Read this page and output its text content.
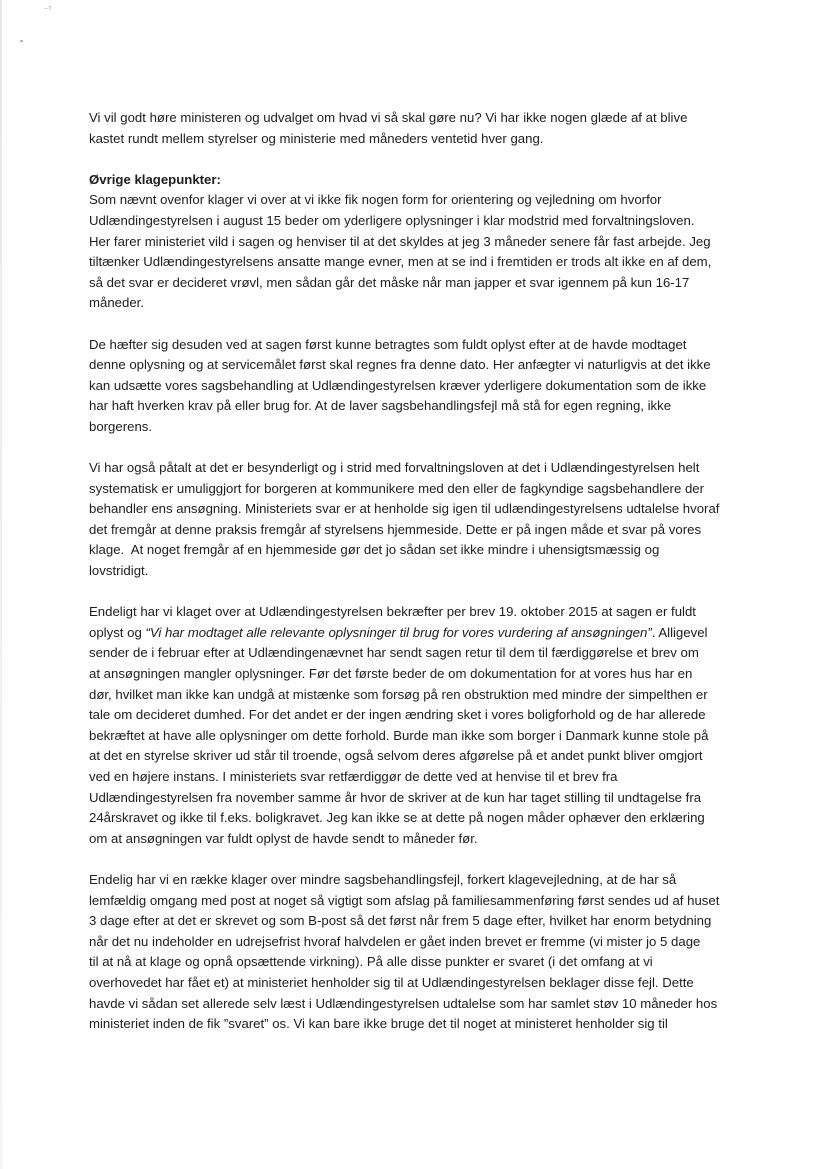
⁻ˀ
Vi vil godt høre ministeren og udvalget om hvad vi så skal gøre nu? Vi har ikke nogen glæde af at blive
kastet rundt mellem styrelser og ministerie med måneders ventetid hver gang.
Øvrige klagepunkter:
Som nævnt ovenfor klager vi over at vi ikke fik nogen form for orientering og vejledning om hvorfor
Udlændingestyrelsen i august 15 beder om yderligere oplysninger i klar modstrid med forvaltningsloven.
Her farer ministeriet vild i sagen og henviser til at det skyldes at jeg 3 måneder senere får fast arbejde. Jeg
tiltænker Udlændingestyrelsens ansatte mange evner, men at se ind i fremtiden er trods alt ikke en af dem,
så det svar er decideret vrøvl, men sådan går det måske når man japper et svar igennem på kun 16-17
måneder.
De hæfter sig desuden ved at sagen først kunne betragtes som fuldt oplyst efter at de havde modtaget
denne oplysning og at servicemålet først skal regnes fra denne dato. Her anfægter vi naturligvis at det ikke
kan udsætte vores sagsbehandling at Udlændingestyrelsen kræver yderligere dokumentation som de ikke
har haft hverken krav på eller brug for. At de laver sagsbehandlingsfejl må stå for egen regning, ikke
borgerens.
Vi har også påtalt at det er besynderligt og i strid med forvaltningsloven at det i Udlændingestyrelsen helt
systematisk er umuliggjort for borgeren at kommunikere med den eller de fagkyndige sagsbehandlere der
behandler ens ansøgning. Ministeriets svar er at henholde sig igen til udlændingestyrelsens udtalelse hvoraf
det fremgår at denne praksis fremgår af styrelsens hjemmeside. Dette er på ingen måde et svar på vores
klage.  At noget fremgår af en hjemmeside gør det jo sådan set ikke mindre i uhensigtsmæssig og
lovstridigt.
Endeligt har vi klaget over at Udlændingestyrelsen bekræfter per brev 19. oktober 2015 at sagen er fuldt
oplyst og “Vi har modtaget alle relevante oplysninger til brug for vores vurdering af ansøgningen”. Alligevel
sender de i februar efter at Udlændingenævnet har sendt sagen retur til dem til færdiggørelse et brev om
at ansøgningen mangler oplysninger. Før det første beder de om dokumentation for at vores hus har en
dør, hvilket man ikke kan undgå at mistænke som forsøg på ren obstruktion med mindre der simpelthen er
tale om decideret dumhed. For det andet er der ingen ændring sket i vores boligforhold og de har allerede
bekræftet at have alle oplysninger om dette forhold. Burde man ikke som borger i Danmark kunne stole på
at det en styrelse skriver ud står til troende, også selvom deres afgørelse på et andet punkt bliver omgjort
ved en højere instans. I ministeriets svar retfærdiggør de dette ved at henvise til et brev fra
Udlændingestyrelsen fra november samme år hvor de skriver at de kun har taget stilling til undtagelse fra
24årskravet og ikke til f.eks. boligkravet. Jeg kan ikke se at dette på nogen måder ophæver den erklæring
om at ansøgningen var fuldt oplyst de havde sendt to måneder før.
Endelig har vi en række klager over mindre sagsbehandlingsfejl, forkert klagevejledning, at de har så
lemfældig omgang med post at noget så vigtigt som afslag på familiesammenføring først sendes ud af huset
3 dage efter at det er skrevet og som B-post så det først når frem 5 dage efter, hvilket har enorm betydning
når det nu indeholder en udrejsefrist hvoraf halvdelen er gået inden brevet er fremme (vi mister jo 5 dage
til at nå at klage og opnå opsættende virkning). På alle disse punkter er svaret (i det omfang at vi
overhovedet har fået et) at ministeriet henholder sig til at Udlændingestyrelsen beklager disse fejl. Dette
havde vi sådan set allerede selv læst i Udlændingestyrelsen udtalelse som har samlet støv 10 måneder hos
ministeriet inden de fik ”svaret” os. Vi kan bare ikke bruge det til noget at ministeret henholder sig til
